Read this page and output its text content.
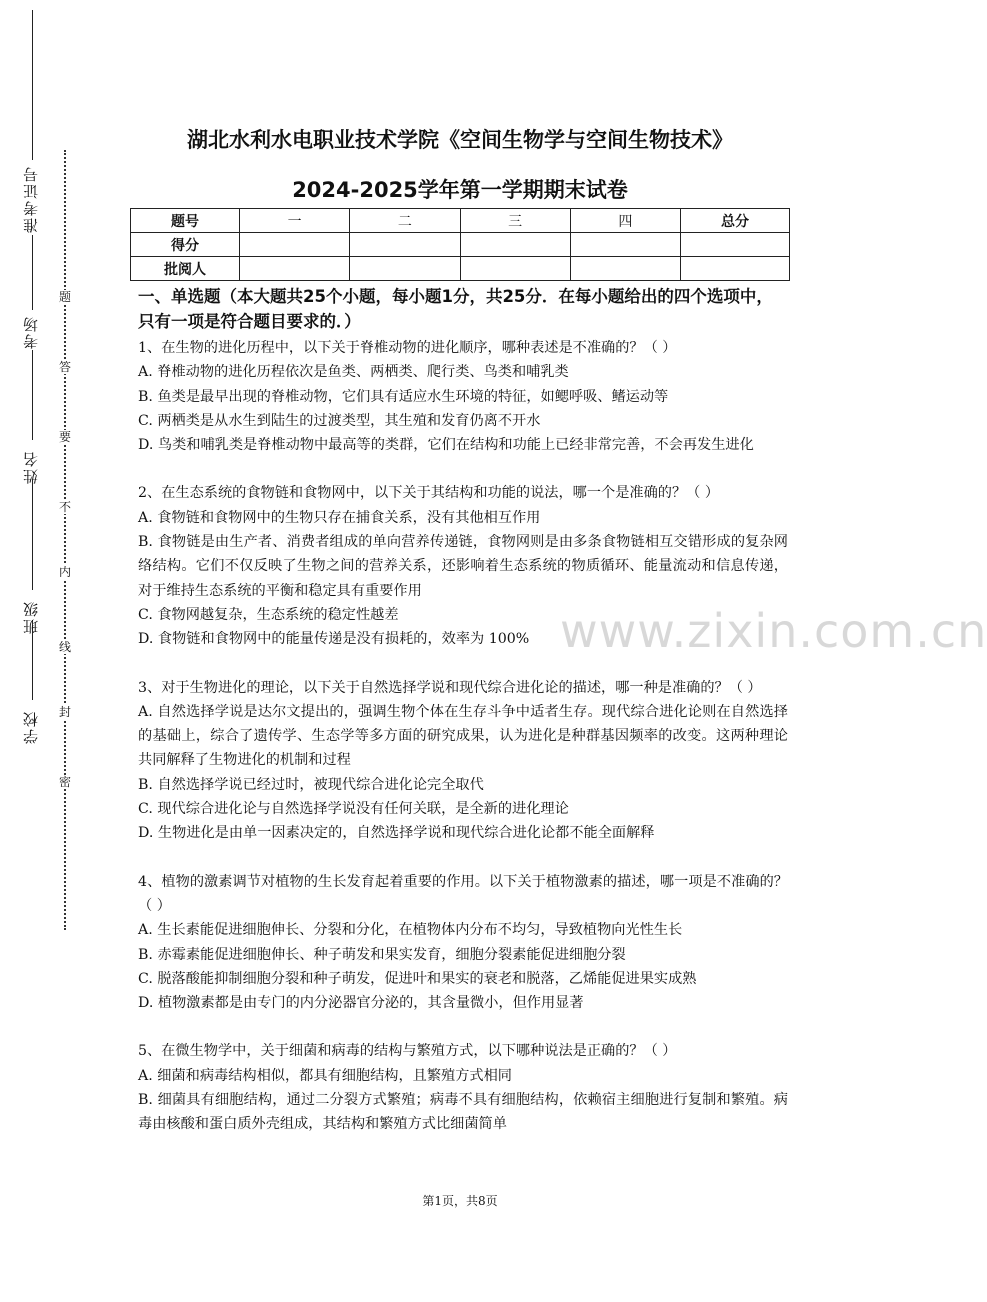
学校
班级
姓名
考场
准考证号
密
封
线
内
不
要
答
题
湖北水利水电职业技术学院《空间生物学与空间生物技术》
2024-2025学年第一学期期末试卷
题号	一	二	三	四	总分
得分					
批阅人					

一、单选题（本大题共25个小题，每小题1分，共25分．在每小题给出的四个选项中，只有一项是符合题目要求的．）

1、在生物的进化历程中，以下关于脊椎动物的进化顺序，哪种表述是不准确的？（ ）

A. 脊椎动物的进化历程依次是鱼类、两栖类、爬行类、鸟类和哺乳类

B. 鱼类是最早出现的脊椎动物，它们具有适应水生环境的特征，如鳃呼吸、鳍运动等

C. 两栖类是从水生到陆生的过渡类型，其生殖和发育仍离不开水

D. 鸟类和哺乳类是脊椎动物中最高等的类群，它们在结构和功能上已经非常完善，不会再发生进化

2、在生态系统的食物链和食物网中，以下关于其结构和功能的说法，哪一个是准确的？（ ）

A. 食物链和食物网中的生物只存在捕食关系，没有其他相互作用

B. 食物链是由生产者、消费者组成的单向营养传递链，食物网则是由多条食物链相互交错形成的复杂网络结构。它们不仅反映了生物之间的营养关系，还影响着生态系统的物质循环、能量流动和信息传递，对于维持生态系统的平衡和稳定具有重要作用

C. 食物网越复杂，生态系统的稳定性越差

D. 食物链和食物网中的能量传递是没有损耗的，效率为 100%

3、对于生物进化的理论，以下关于自然选择学说和现代综合进化论的描述，哪一种是准确的？（ ）

A. 自然选择学说是达尔文提出的，强调生物个体在生存斗争中适者生存。现代综合进化论则在自然选择的基础上，综合了遗传学、生态学等多方面的研究成果，认为进化是种群基因频率的改变。这两种理论共同解释了生物进化的机制和过程

B. 自然选择学说已经过时，被现代综合进化论完全取代

C. 现代综合进化论与自然选择学说没有任何关联，是全新的进化理论

D. 生物进化是由单一因素决定的，自然选择学说和现代综合进化论都不能全面解释

4、植物的激素调节对植物的生长发育起着重要的作用。以下关于植物激素的描述，哪一项是不准确的？（ ）

A. 生长素能促进细胞伸长、分裂和分化，在植物体内分布不均匀，导致植物向光性生长

B. 赤霉素能促进细胞伸长、种子萌发和果实发育，细胞分裂素能促进细胞分裂

C. 脱落酸能抑制细胞分裂和种子萌发，促进叶和果实的衰老和脱落，乙烯能促进果实成熟

D. 植物激素都是由专门的内分泌器官分泌的，其含量微小，但作用显著

5、在微生物学中，关于细菌和病毒的结构与繁殖方式，以下哪种说法是正确的？（ ）

A. 细菌和病毒结构相似，都具有细胞结构，且繁殖方式相同

B. 细菌具有细胞结构，通过二分裂方式繁殖；病毒不具有细胞结构，依赖宿主细胞进行复制和繁殖。病毒由核酸和蛋白质外壳组成，其结构和繁殖方式比细菌简单

www.zixin.com.cn
第1页，共8页
